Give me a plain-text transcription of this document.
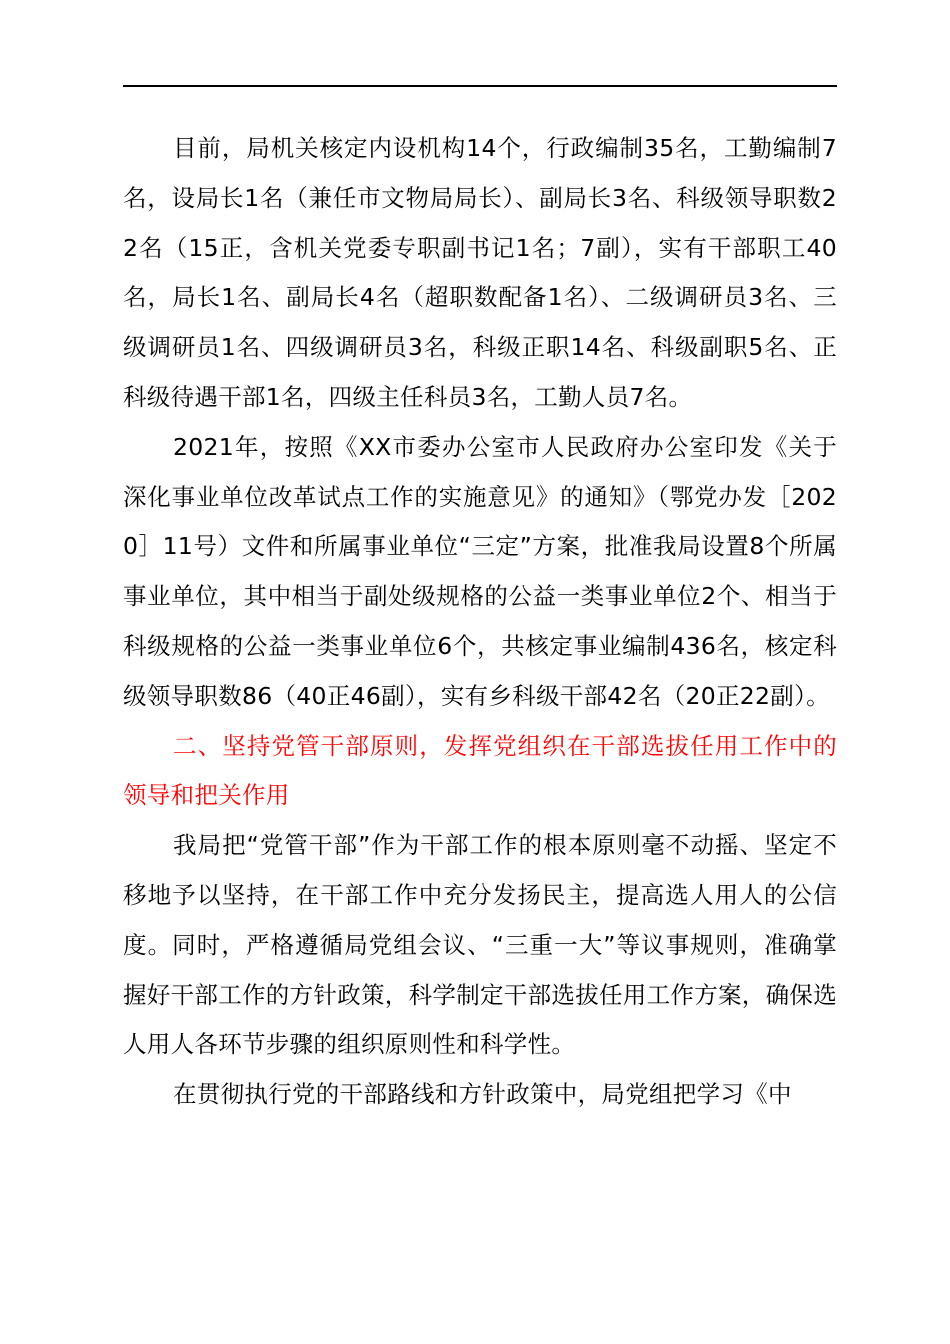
目前，局机关核定内设机构14个，行政编制35名，工勤编制7名，设局长1名（兼任市文物局局长）、副局长3名、科级领导职数22名（15正，含机关党委专职副书记1名；7副），实有干部职工40名，局长1名、副局长4名（超职数配备1名）、二级调研员3名、三级调研员1名、四级调研员3名，科级正职14名、科级副职5名、正科级待遇干部1名，四级主任科员3名，工勤人员7名。

2021年，按照《XX市委办公室市人民政府办公室印发《关于深化事业单位改革试点工作的实施意见》的通知》（鄂党办发［2020］11号）文件和所属事业单位“三定”方案，批准我局设置8个所属事业单位，其中相当于副处级规格的公益一类事业单位2个、相当于科级规格的公益一类事业单位6个，共核定事业编制436名，核定科级领导职数86（40正46副），实有乡科级干部42名（20正22副）。

二、坚持党管干部原则，发挥党组织在干部选拔任用工作中的领导和把关作用

我局把“党管干部”作为干部工作的根本原则毫不动摇、坚定不移地予以坚持，在干部工作中充分发扬民主，提高选人用人的公信度。同时，严格遵循局党组会议、“三重一大”等议事规则，准确掌握好干部工作的方针政策，科学制定干部选拔任用工作方案，确保选人用人各环节步骤的组织原则性和科学性。

在贯彻执行党的干部路线和方针政策中，局党组把学习《中
